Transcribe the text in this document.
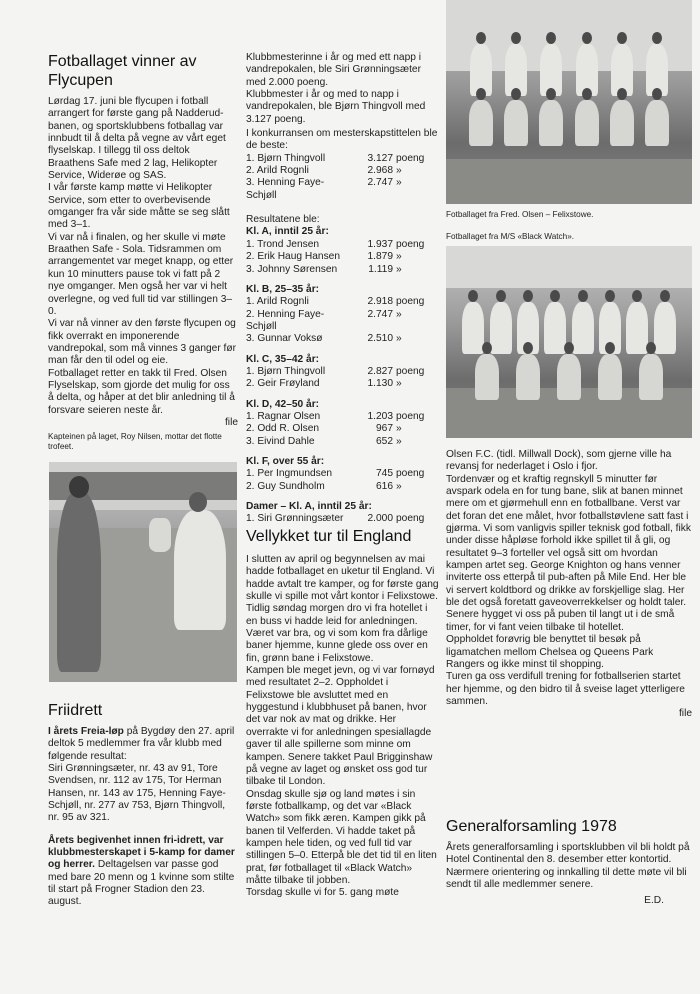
Fotballaget vinner av Flycupen

Lørdag 17. juni ble flycupen i fotball arrangert for første gang på Nadderud-banen, og sportsklubbens fotballag var innbudt til å delta på vegne av vårt eget flyselskap. I tillegg til oss deltok Braathens Safe med 2 lag, Helikopter Service, Widerøe og SAS.

I vår første kamp møtte vi Helikopter Service, som etter to overbevisende omganger fra vår side måtte se seg slått med 3–1.

Vi var nå i finalen, og her skulle vi møte Braathen Safe - Sola. Tidsrammen om arrangementet var meget knapp, og etter kun 10 minutters pause tok vi fatt på 2 nye omganger. Men også her var vi helt overlegne, og ved full tid var stillingen 3–0.

Vi var nå vinner av den første flycupen og fikk overrakt en imponerende vandrepokal, som må vinnes 3 ganger før man får den til odel og eie.

Fotballaget retter en takk til Fred. Olsen Flyselskap, som gjorde det mulig for oss å delta, og håper at det blir anledning til å forsvare seieren neste år.

file

Kapteinen på laget, Roy Nilsen, mottar det flotte trofeet.

Friidrett

I årets Freia-løp på Bygdøy den 27. april deltok 5 medlemmer fra vår klubb med følgende resultat:

Siri Grønningsæter, nr. 43 av 91, Tore Svendsen, nr. 112 av 175, Tor Herman Hansen, nr. 143 av 175, Henning Faye-Schjøll, nr. 277 av 753, Bjørn Thingvoll, nr. 95 av 321.

Årets begivenhet innen fri-idrett, var klubbmesterskapet i 5-kamp for damer og herrer. Deltagelsen var passe god med bare 20 menn og 1 kvinne som stilte til start på Frogner Stadion den 23. august.

Klubbmesterinne i år og med ett napp i vandrepokalen, ble Siri Grønningsæter med 2.000 poeng.

Klubbmester i år og med to napp i vandrepokalen, ble Bjørn Thingvoll med 3.127 poeng.

I konkurransen om mesterskapstittelen ble de beste:

1. Bjørn Thingvoll	3.127	poeng
2. Arild Rognli	2.968	»
3. Henning Faye-Schjøll	2.747	»

Resultatene ble:

Kl. A, inntil 25 år:
1. Trond Jensen	1.937	poeng
2. Erik Haug Hansen	1.879	»
3. Johnny Sørensen	1.119	»
Kl. B, 25–35 år:
1. Arild Rognli	2.918	poeng
2. Henning Faye-Schjøll	2.747	»
3. Gunnar Voksø	2.510	»
Kl. C, 35–42 år:
1. Bjørn Thingvoll	2.827	poeng
2. Geir Frøyland	1.130	»
Kl. D, 42–50 år:
1. Ragnar Olsen	1.203	poeng
2. Odd R. Olsen	967	»
3. Eivind Dahle	652	»
Kl. F, over 55 år:
1. Per Ingmundsen	745	poeng
2. Guy Sundholm	616	»
Damer – Kl. A, inntil 25 år:
1. Siri Grønningsæter	2.000	poeng
Vellykket tur til England

I slutten av april og begynnelsen av mai hadde fotballaget en uketur til England. Vi hadde avtalt tre kamper, og for første gang skulle vi spille mot vårt kontor i Felixstowe. Tidlig søndag morgen dro vi fra hotellet i en buss vi hadde leid for anledningen. Været var bra, og vi som kom fra dårlige baner hjemme, kunne glede oss over en fin, grønn bane i Felixstowe.

Kampen ble meget jevn, og vi var fornøyd med resultatet 2–2. Oppholdet i Felixstowe ble avsluttet med en hyggestund i klubbhuset på banen, hvor det var nok av mat og drikke. Her overrakte vi for anledningen spesiallagde gaver til alle spillerne som minne om kampen. Senere takket Paul Brigginshaw på vegne av laget og ønsket oss god tur tilbake til London.

Onsdag skulle sjø og land møtes i sin første fotballkamp, og det var «Black Watch» som fikk æren. Kampen gikk på banen til Velferden. Vi hadde taket på kampen hele tiden, og ved full tid var stillingen 5–0. Etterpå ble det tid til en liten prat, før fotballaget til «Black Watch» måtte tilbake til jobben.

Torsdag skulle vi for 5. gang møte

Fotballaget fra Fred. Olsen – Felixstowe.

Fotballaget fra M/S «Black Watch».

Olsen F.C. (tidl. Millwall Dock), som gjerne ville ha revansj for nederlaget i Oslo i fjor.

Tordenvær og et kraftig regnskyll 5 minutter før avspark odela en for tung bane, slik at banen minnet mere om et gjørmehull enn en fotballbane. Verst var det foran det ene målet, hvor fotballstøvlene satt fast i gjørma. Vi som vanligvis spiller teknisk god fotball, fikk under disse håpløse forhold ikke spillet til å gli, og resultatet 9–3 forteller vel også sitt om hvordan kampen artet seg. George Knighton og hans venner inviterte oss etterpå til pub-aften på Mile End. Her ble vi servert koldtbord og drikke av forskjellige slag. Her ble det også foretatt gaveoverrekkelser og holdt taler. Senere hygget vi oss på puben til langt ut i de små timer, for vi fant veien tilbake til hotellet.

Oppholdet forøvrig ble benyttet til besøk på ligamatchen mellom Chelsea og Queens Park Rangers og ikke minst til shopping.

Turen ga oss verdifull trening for fotballserien startet her hjemme, og den bidro til å sveise laget ytterligere sammen.

file

Generalforsamling 1978

Årets generalforsamling i sportsklubben vil bli holdt på Hotel Continental den 8. desember etter kontortid. Nærmere orientering og innkalling til dette møte vil bli sendt til alle medlemmer senere.

E.D.
